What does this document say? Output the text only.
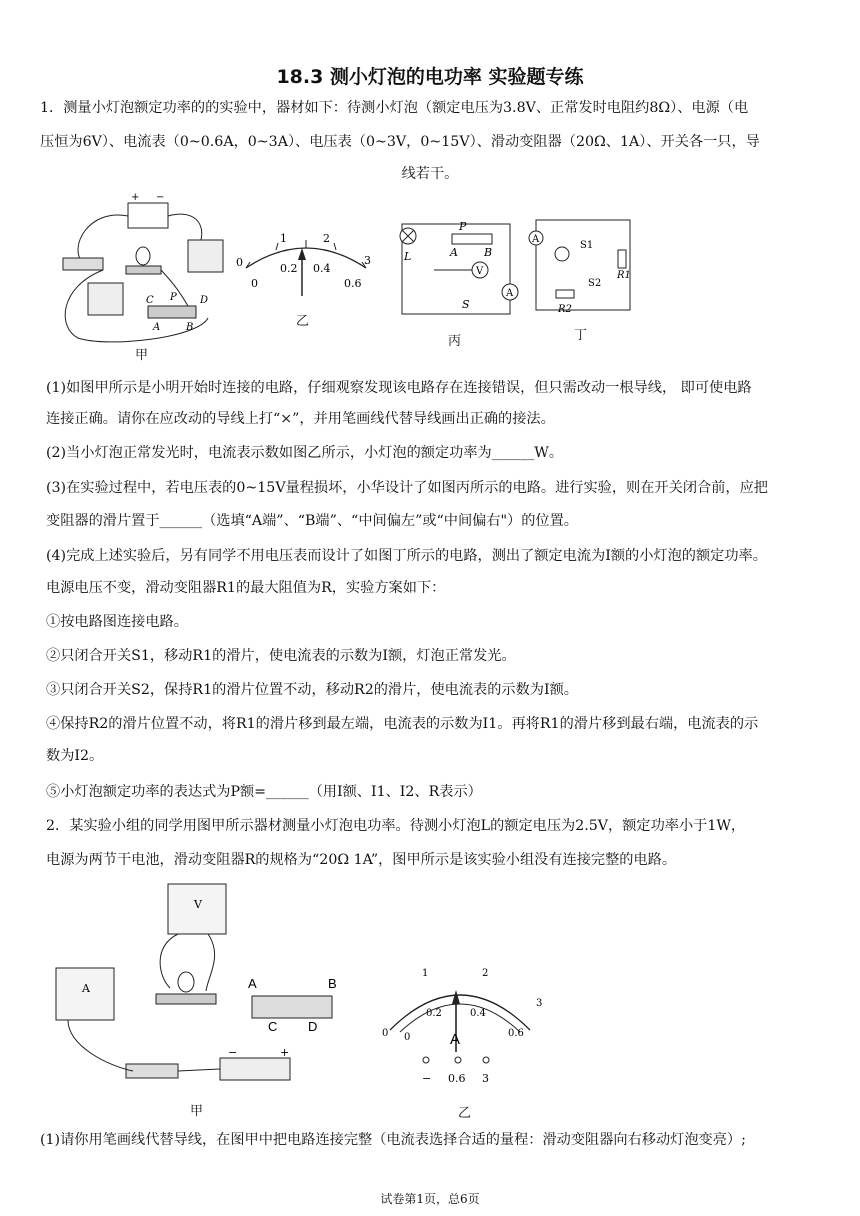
18.3 测小灯泡的电功率 实验题专练
1．测量小灯泡额定功率的的实验中，器材如下：待测小灯泡（额定电压为3.8V、正常发时电阻约8Ω）、电源（电
压恒为6V）、电流表（0~0.6A，0~3A）、电压表（0~3V，0~15V）、滑动变阻器（20Ω、1A）、开关各一只，导
线若干。
+ −
C P D
A	B
甲
0
1	2
3
0
0.2 0.4
0.6
乙
L
P
A B
V
A
S
丙
A
S1
S2
R1
R2
丁
(1)如图甲所示是小明开始时连接的电路，仔细观察发现该电路存在连接错误，但只需改动一根导线， 即可使电路
连接正确。请你在应改动的导线上打“×”，并用笔画线代替导线画出正确的接法。
(2)当小灯泡正常发光时，电流表示数如图乙所示，小灯泡的额定功率为______W。
(3)在实验过程中，若电压表的0~15V量程损坏，小华设计了如图丙所示的电路。进行实验，则在开关闭合前，应把
变阻器的滑片置于______（选填“A端”、“B端”、“中间偏左”或“中间偏右"）的位置。
(4)完成上述实验后，另有同学不用电压表而设计了如图丁所示的电路，测出了额定电流为I额的小灯泡的额定功率。
电源电压不变，滑动变阻器R1的最大阻值为R，实验方案如下：
①按电路图连接电路。
②只闭合开关S1，移动R1的滑片，使电流表的示数为I额，灯泡正常发光。
③只闭合开关S2，保持R1的滑片位置不动，移动R2的滑片，使电流表的示数为I额。
④保持R2的滑片位置不动，将R1的滑片移到最左端，电流表的示数为I1。再将R1的滑片移到最右端，电流表的示
数为I2。
⑤小灯泡额定功率的表达式为P额=______（用I额、I1、I2、R表示）
2．某实验小组的同学用图甲所示器材测量小灯泡电功率。待测小灯泡L的额定电压为2.5V，额定功率小于1W，
电源为两节干电池，滑动变阻器R的规格为“20Ω 1A”，图甲所示是该实验小组没有连接完整的电路。
V
A	A	B
C D
−	+
甲
0
1	2
3
0
0.2	0.4
0.6
A
− 0.6 3
乙
(1)请你用笔画线代替导线，在图甲中把电路连接完整（电流表选择合适的量程：滑动变阻器向右移动灯泡变亮）;
试卷第1页，总6页
